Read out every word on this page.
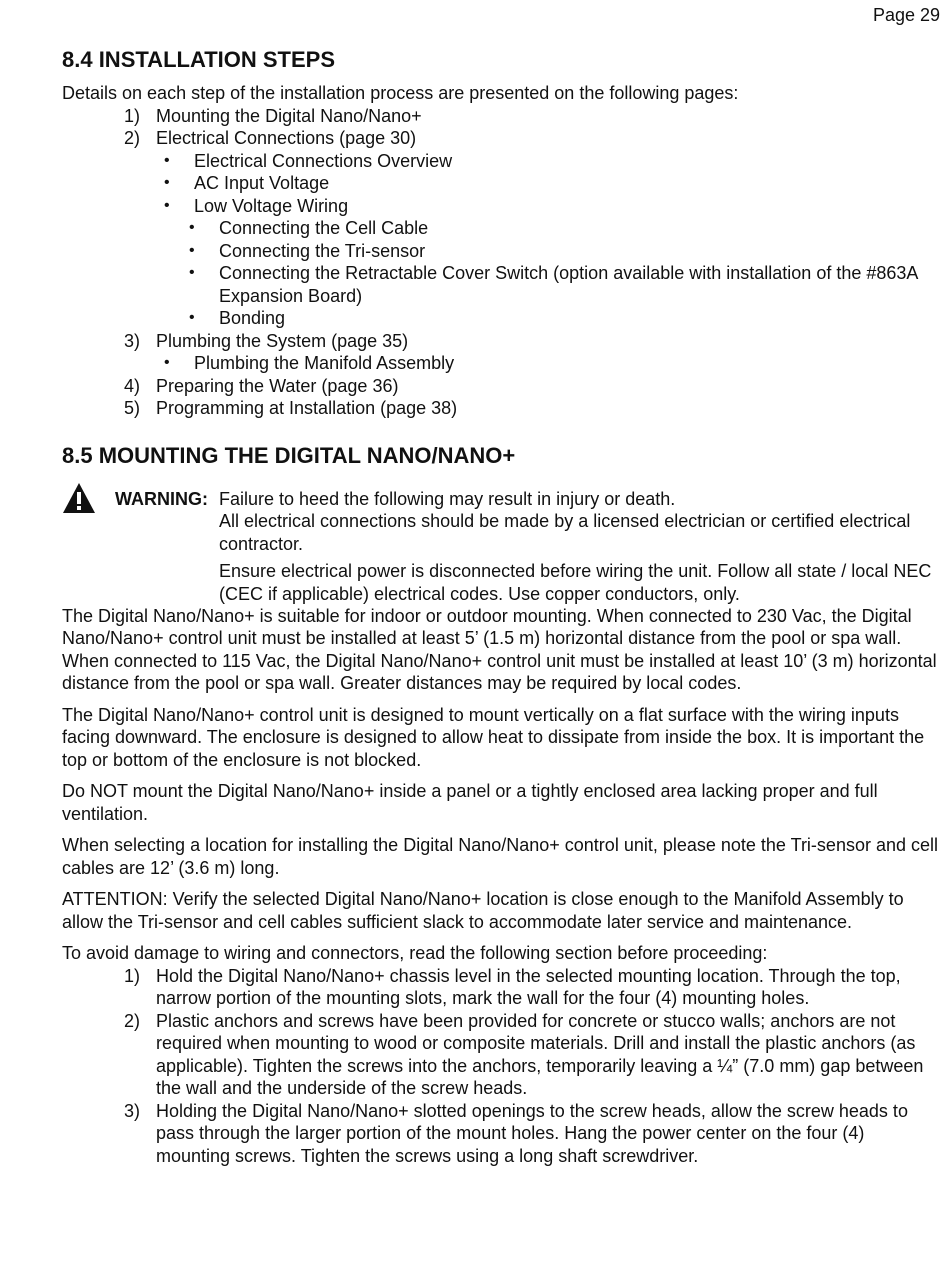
Page 29
8.4 INSTALLATION STEPS

Details on each step of the installation process are presented on the following pages:

1) Mounting the Digital Nano/Nano+
2) Electrical Connections (page 30)
• Electrical Connections Overview
• AC Input Voltage
• Low Voltage Wiring
• Connecting the Cell Cable
• Connecting the Tri-sensor
• Connecting the Retractable Cover Switch (option available with installation of the #863A Expansion Board)
• Bonding
3) Plumbing the System (page 35)
• Plumbing the Manifold Assembly
4) Preparing the Water (page 36)
5) Programming at Installation (page 38)
8.5 MOUNTING THE DIGITAL NANO/NANO+
WARNING: Failure to heed the following may result in injury or death.

All electrical connections should be made by a licensed electrician or certified electrical contractor.

Ensure electrical power is disconnected before wiring the unit. Follow all state / local NEC (CEC if applicable) electrical codes. Use copper conductors, only.

The Digital Nano/Nano+ is suitable for indoor or outdoor mounting. When connected to 230 Vac, the Digital Nano/Nano+ control unit must be installed at least 5’ (1.5 m) horizontal distance from the pool or spa wall. When connected to 115 Vac, the Digital Nano/Nano+ control unit must be installed at least 10’ (3 m) horizontal distance from the pool or spa wall. Greater distances may be required by local codes.

The Digital Nano/Nano+ control unit is designed to mount vertically on a flat surface with the wiring inputs facing downward. The enclosure is designed to allow heat to dissipate from inside the box. It is important the top or bottom of the enclosure is not blocked.

Do NOT mount the Digital Nano/Nano+ inside a panel or a tightly enclosed area lacking proper and full ventilation.

When selecting a location for installing the Digital Nano/Nano+ control unit, please note the Tri-sensor and cell cables are 12’ (3.6 m) long.

ATTENTION: Verify the selected Digital Nano/Nano+ location is close enough to the Manifold Assembly to allow the Tri-sensor and cell cables sufficient slack to accommodate later service and maintenance.

To avoid damage to wiring and connectors, read the following section before proceeding:

1) Hold the Digital Nano/Nano+ chassis level in the selected mounting location. Through the top, narrow portion of the mounting slots, mark the wall for the four (4) mounting holes.
2) Plastic anchors and screws have been provided for concrete or stucco walls; anchors are not required when mounting to wood or composite materials. Drill and install the plastic anchors (as applicable). Tighten the screws into the anchors, temporarily leaving a ¼” (7.0 mm) gap between the wall and the underside of the screw heads.
3) Holding the Digital Nano/Nano+ slotted openings to the screw heads, allow the screw heads to pass through the larger portion of the mount holes. Hang the power center on the four (4) mounting screws. Tighten the screws using a long shaft screwdriver.
